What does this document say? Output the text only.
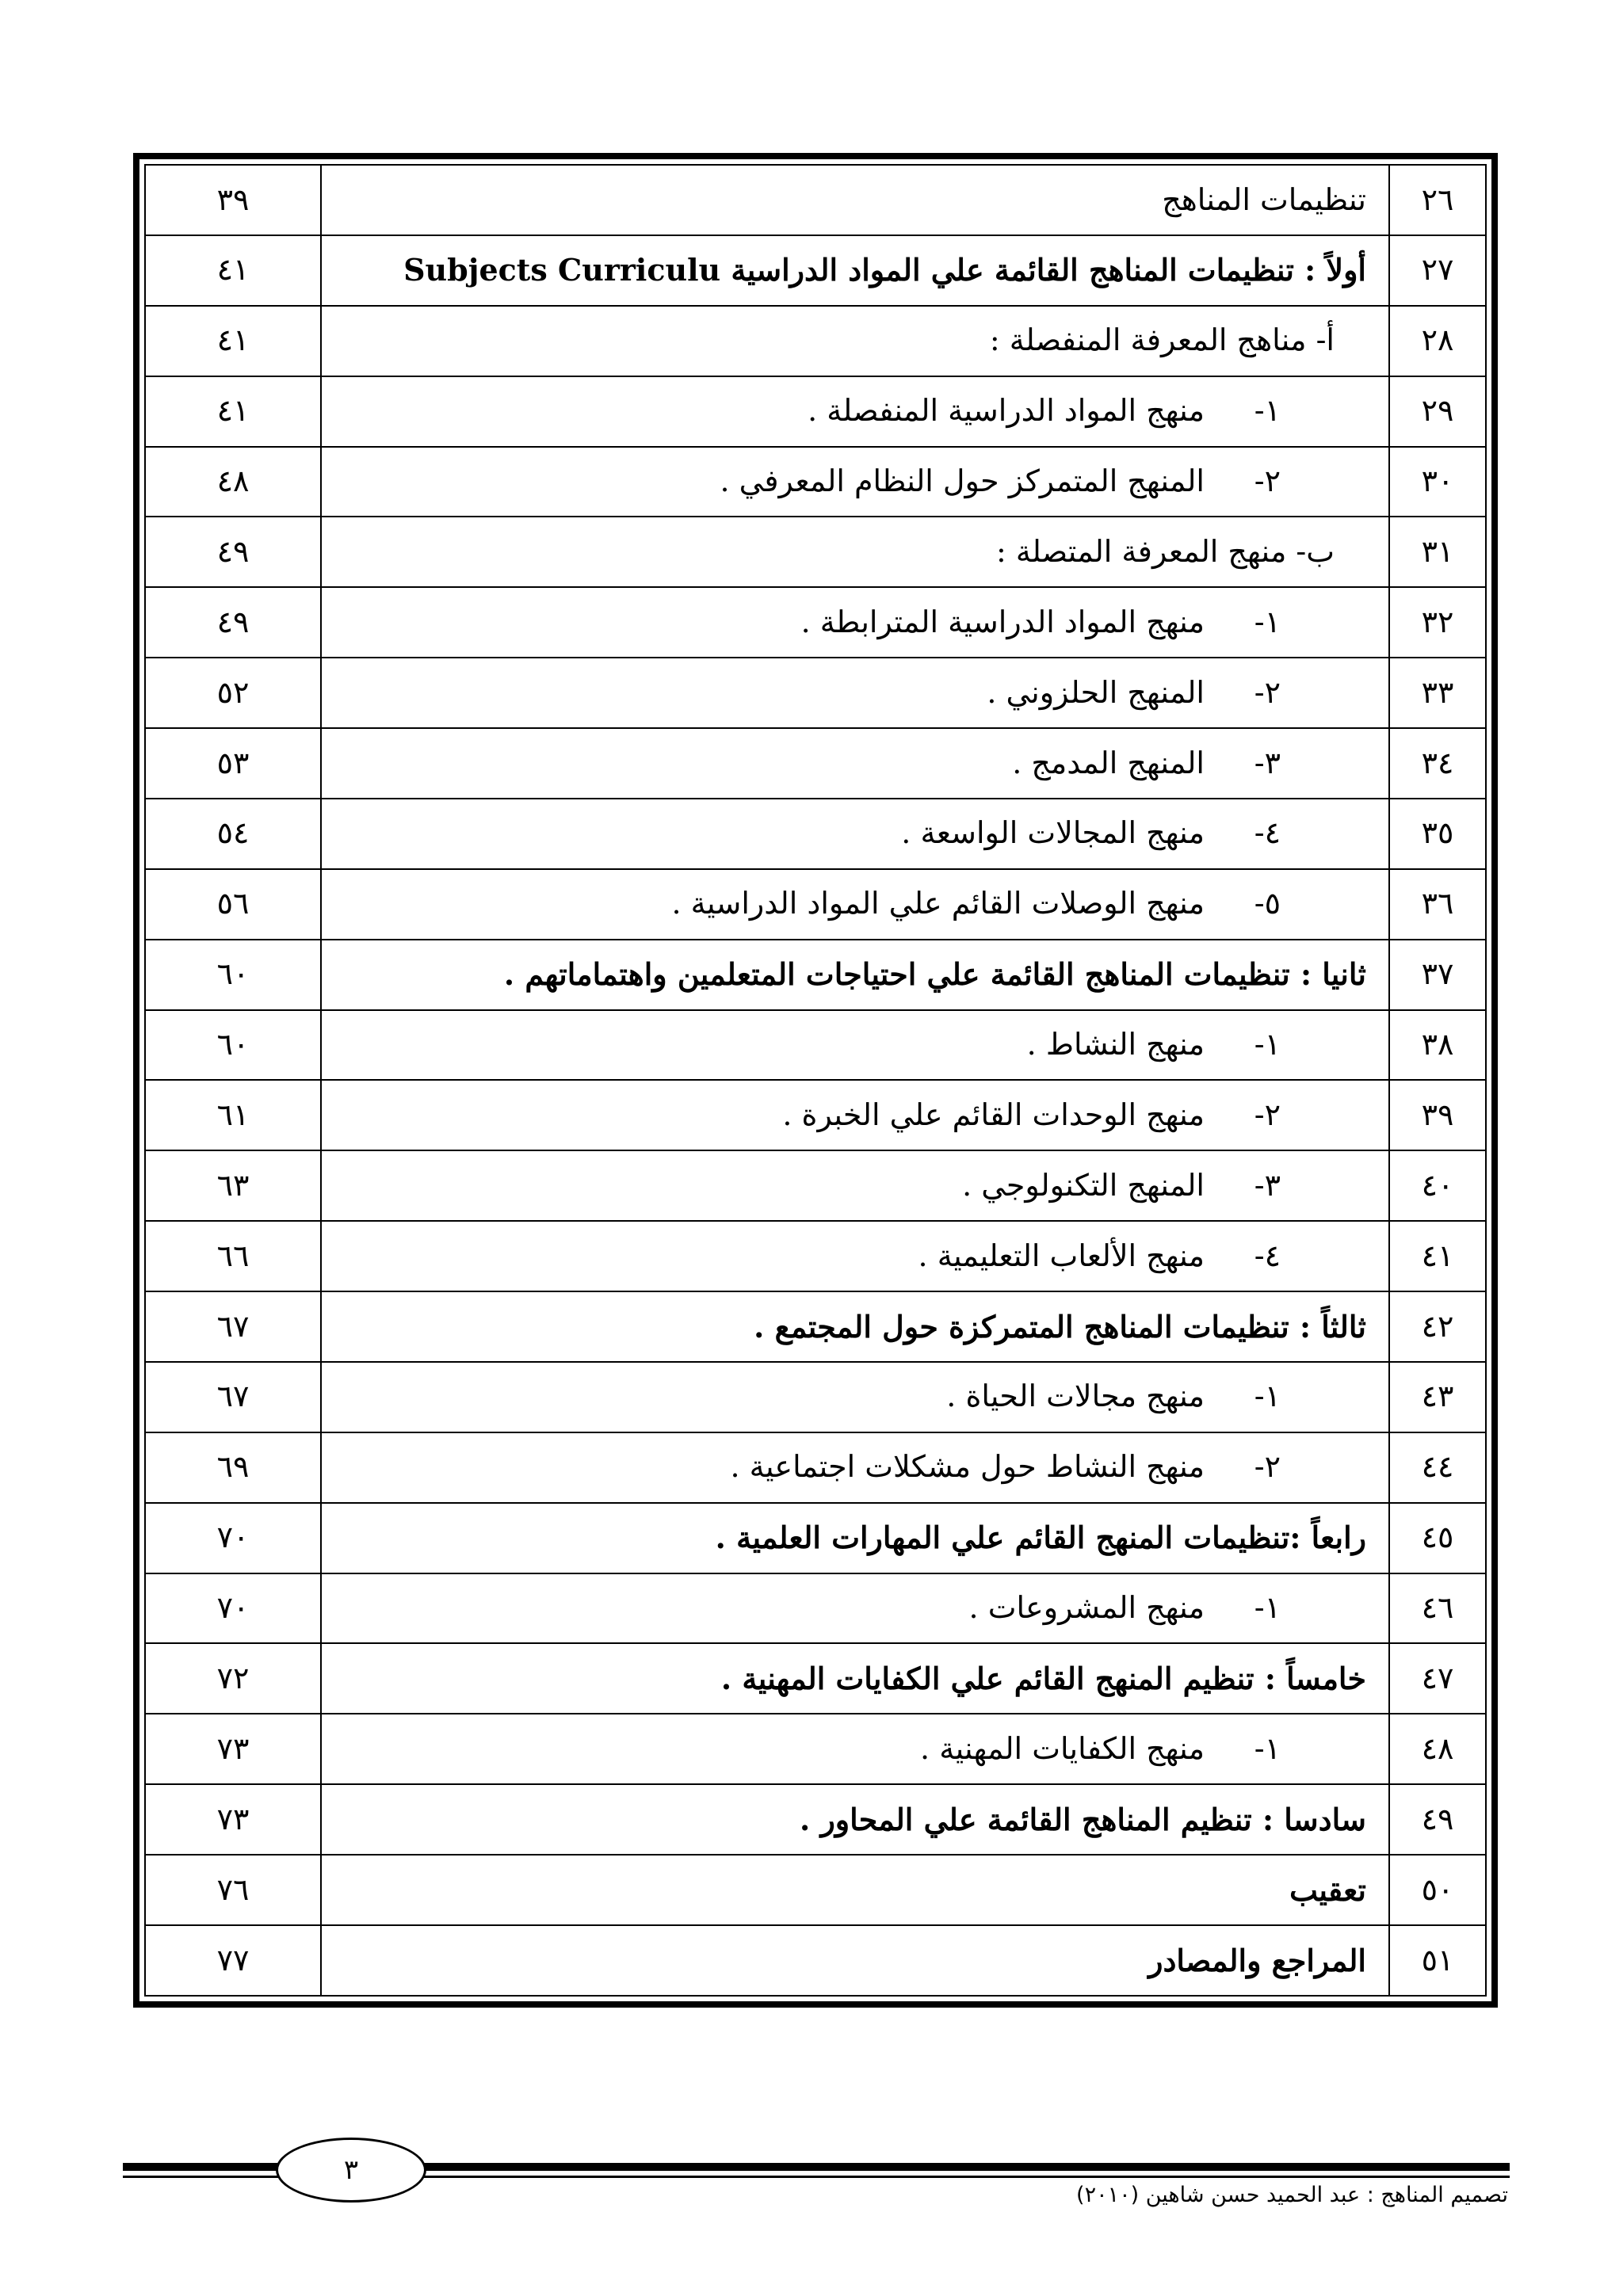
٢٦	تنظيمات المناهج	٣٩
٢٧	أولاً : تنظيمات المناهج القائمة علي المواد الدراسية Subjects Curriculu	٤١
٢٨	أ- مناهج المعرفة المنفصلة :	٤١
٢٩	١-منهج المواد الدراسية المنفصلة .	٤١
٣٠	٢-المنهج المتمركز حول النظام المعرفي .	٤٨
٣١	ب- منهج المعرفة المتصلة :	٤٩
٣٢	١-منهج المواد الدراسية المترابطة .	٤٩
٣٣	٢-المنهج الحلزوني .	٥٢
٣٤	٣-المنهج المدمج .	٥٣
٣٥	٤-منهج المجالات الواسعة .	٥٤
٣٦	٥-منهج الوصلات القائم علي المواد الدراسية .	٥٦
٣٧	ثانيا : تنظيمات المناهج القائمة علي احتياجات المتعلمين واهتماماتهم .	٦٠
٣٨	١-منهج النشاط .	٦٠
٣٩	٢-منهج الوحدات القائم علي الخبرة .	٦١
٤٠	٣-المنهج التكنولوجي .	٦٣
٤١	٤-منهج الألعاب التعليمية .	٦٦
٤٢	ثالثاً : تنظيمات المناهج المتمركزة حول المجتمع .	٦٧
٤٣	١-منهج مجالات الحياة .	٦٧
٤٤	٢-منهج النشاط حول مشكلات اجتماعية .	٦٩
٤٥	رابعاً :تنظيمات المنهج القائم علي المهارات العلمية .	٧٠
٤٦	١-منهج المشروعات .	٧٠
٤٧	خامساً : تنظيم المنهج القائم علي الكفايات المهنية .	٧٢
٤٨	١-منهج الكفايات المهنية .	٧٣
٤٩	سادسا : تنظيم المناهج القائمة علي المحاور .	٧٣
٥٠	تعقيب	٧٦
٥١	المراجع والمصادر	٧٧
٣
تصميم المناهج : عبد الحميد حسن شاهين (٢٠١٠)
